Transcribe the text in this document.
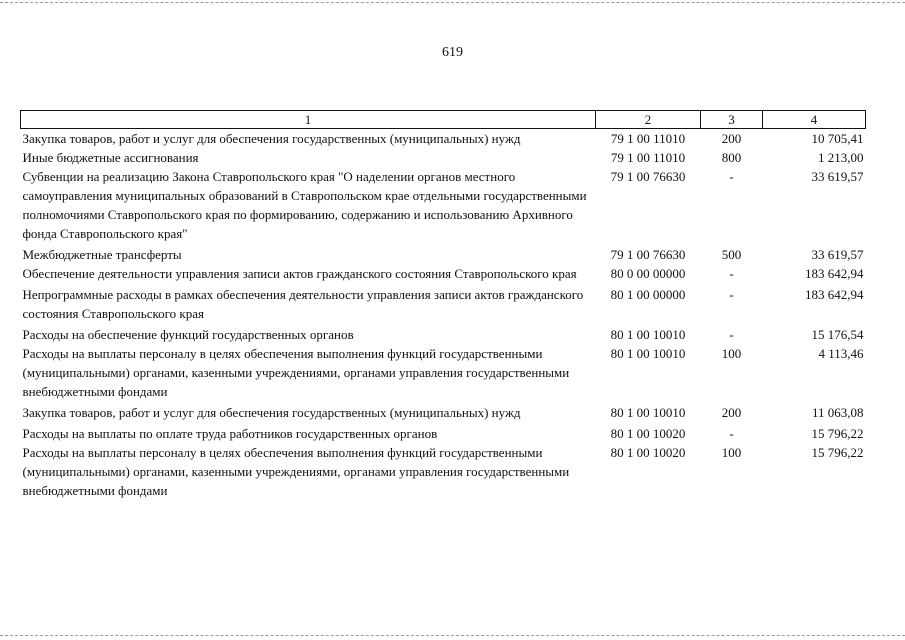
619
1	2	3	4
Закупка товаров, работ и услуг для обеспечения государственных (муниципальных) нужд	79 1 00 11010	200	10 705,41
Иные бюджетные ассигнования	79 1 00 11010	800	1 213,00
Субвенции на реализацию Закона Ставропольского края "О наделении органов местного самоуправления муниципальных образований в Ставропольском крае отдельными государственными полномочиями Ставропольского края по формированию, содержанию и использованию Архивного фонда Ставропольского края"	79 1 00 76630	-	33 619,57
Межбюджетные трансферты	79 1 00 76630	500	33 619,57
Обеспечение деятельности управления записи актов гражданского состояния Ставропольского края	80 0 00 00000	-	183 642,94
Непрограммные расходы в рамках обеспечения деятельности управления записи актов гражданского состояния Ставропольского края	80 1 00 00000	-	183 642,94
Расходы на обеспечение функций государственных органов	80 1 00 10010	-	15 176,54
Расходы на выплаты персоналу в целях обеспечения выполнения функций государственными (муниципальными) органами, казенными учреждениями, органами управления государственными внебюджетными фондами	80 1 00 10010	100	4 113,46
Закупка товаров, работ и услуг для обеспечения государственных (муниципальных) нужд	80 1 00 10010	200	11 063,08
Расходы на выплаты по оплате труда работников государственных органов	80 1 00 10020	-	15 796,22
Расходы на выплаты персоналу в целях обеспечения выполнения функций государственными (муниципальными) органами, казенными учреждениями, органами управления государственными внебюджетными фондами	80 1 00 10020	100	15 796,22
